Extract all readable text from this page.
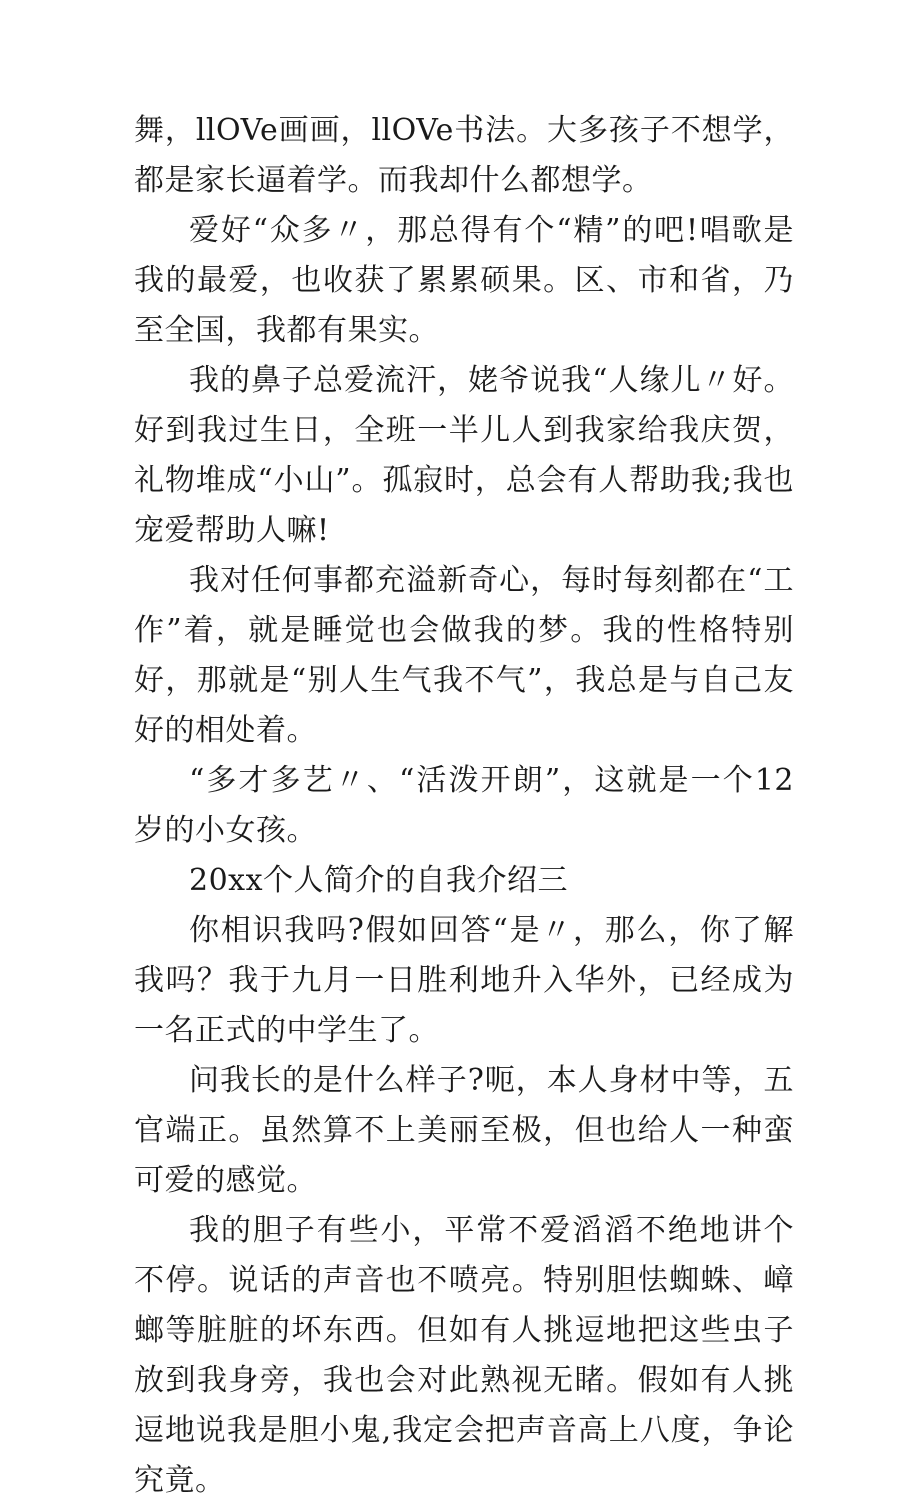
舞，llOVe画画，llOVe书法。大多孩子不想学，都是家长逼着学。而我却什么都想学。

爱好“众多〃，那总得有个“精”的吧!唱歌是我的最爱，也收获了累累硕果。区、市和省，乃至全国，我都有果实。

我的鼻子总爱流汗，姥爷说我“人缘儿〃好。好到我过生日，全班一半儿人到我家给我庆贺，礼物堆成“小山”。孤寂时，总会有人帮助我;我也宠爱帮助人嘛!

我对任何事都充溢新奇心，每时每刻都在“工作”着，就是睡觉也会做我的梦。我的性格特别好，那就是“别人生气我不气”，我总是与自己友好的相处着。

“多才多艺〃、“活泼开朗”，这就是一个12岁的小女孩。

20xx个人简介的自我介绍三

你相识我吗?假如回答“是〃，那么，你了解我吗？我于九月一日胜利地升入华外，已经成为一名正式的中学生了。

问我长的是什么样子?呃，本人身材中等，五官端正。虽然算不上美丽至极，但也给人一种蛮可爱的感觉。

我的胆子有些小，平常不爱滔滔不绝地讲个不停。说话的声音也不喷亮。特别胆怯蜘蛛、嶂螂等脏脏的坏东西。但如有人挑逗地把这些虫子放到我身旁，我也会对此熟视无睹。假如有人挑逗地说我是胆小鬼,我定会把声音高上八度，争论究竟。
